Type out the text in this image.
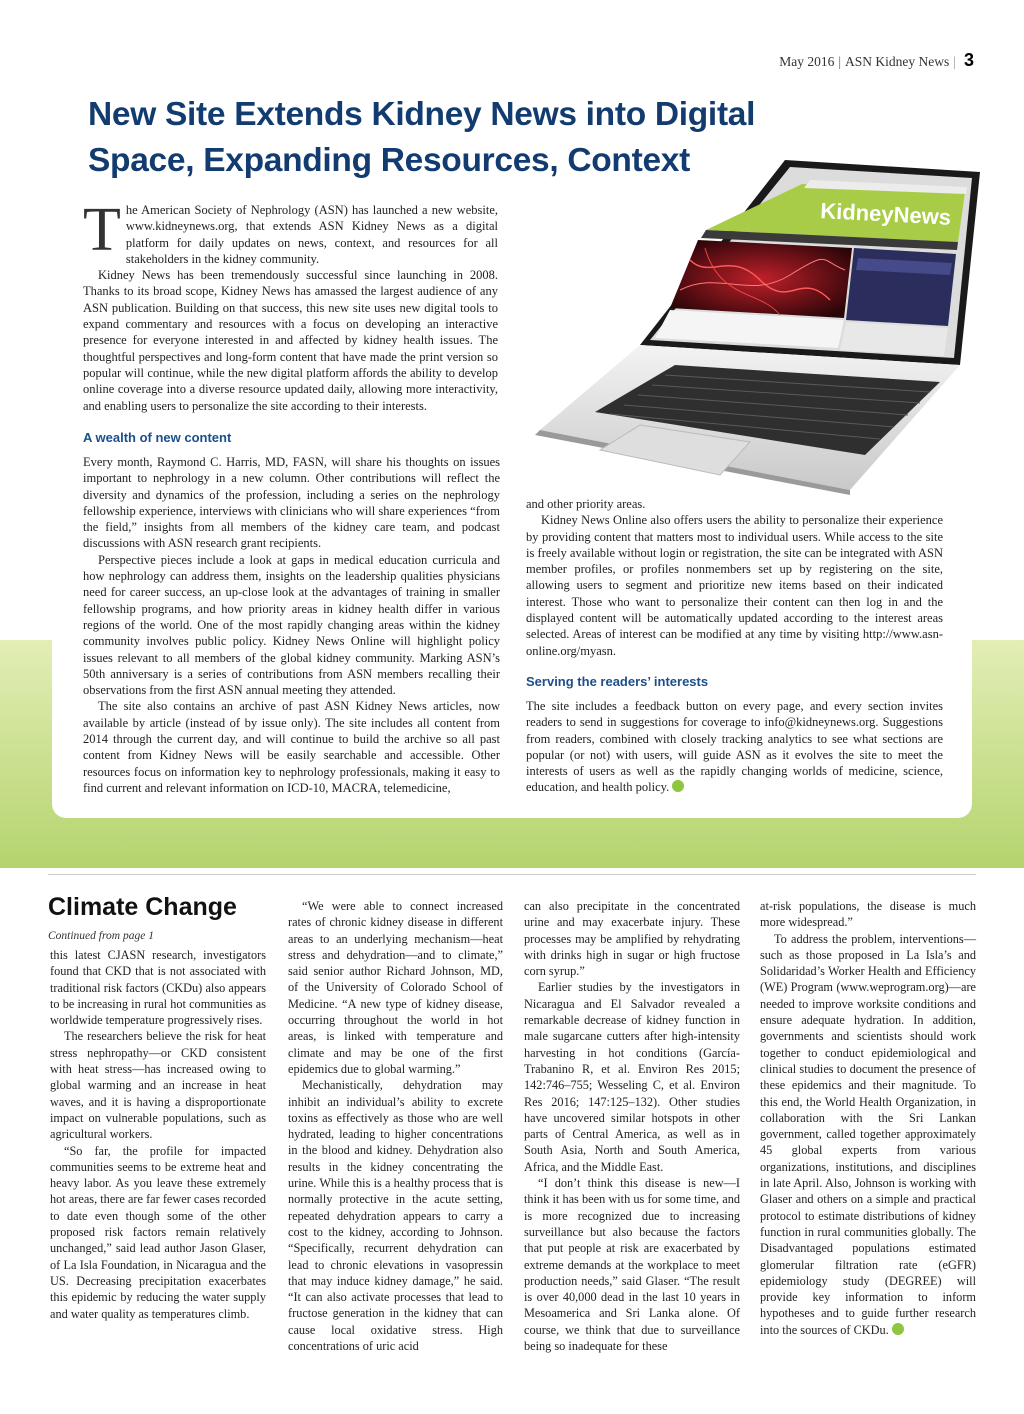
May 2016 | ASN Kidney News | 3
New Site Extends Kidney News into Digital
Space, Expanding Resources, Context

The American Society of Nephrology (ASN) has launched a new website, www.kidneynews.org, that extends ASN Kidney News as a digital platform for daily updates on news, context, and resources for all stakeholders in the kidney community.

Kidney News has been tremendously successful since launching in 2008. Thanks to its broad scope, Kidney News has amassed the largest audience of any ASN publication. Building on that success, this new site uses new digital tools to expand commentary and resources with a focus on developing an interactive presence for everyone interested in and affected by kidney health issues. The thoughtful perspectives and long-form content that have made the print version so popular will continue, while the new digital platform affords the ability to develop online coverage into a diverse resource updated daily, allowing more interactivity, and enabling users to personalize the site according to their interests.

A wealth of new content

Every month, Raymond C. Harris, MD, FASN, will share his thoughts on issues important to nephrology in a new column. Other contributions will reflect the diversity and dynamics of the profession, including a series on the nephrology fellowship experience, interviews with clinicians who will share experiences “from the field,” insights from all members of the kidney care team, and podcast discussions with ASN research grant recipients.

Perspective pieces include a look at gaps in medical education curricula and how nephrology can address them, insights on the leadership qualities physicians need for career success, an up-close look at the advantages of training in smaller fellowship programs, and how priority areas in kidney health differ in various regions of the world. One of the most rapidly changing areas within the kidney community involves public policy. Kidney News Online will highlight policy issues relevant to all members of the global kidney community. Marking ASN’s 50th anniversary is a series of contributions from ASN members recalling their observations from the first ASN annual meeting they attended.

The site also contains an archive of past ASN Kidney News articles, now available by article (instead of by issue only). The site includes all content from 2014 through the current day, and will continue to build the archive so all past content from Kidney News will be easily searchable and accessible. Other resources focus on information key to nephrology professionals, making it easy to find current and relevant information on ICD-10, MACRA, telemedicine,

KidneyNews

and other priority areas.

Kidney News Online also offers users the ability to personalize their experience by providing content that matters most to individual users. While access to the site is freely available without login or registration, the site can be integrated with ASN member profiles, or profiles nonmembers set up by registering on the site, allowing users to segment and prioritize new items based on their indicated interest. Those who want to personalize their content can then log in and the displayed content will be automatically updated according to the interest areas selected. Areas of interest can be modified at any time by visiting http://www.asn-online.org/myasn.

Serving the readers’ interests

The site includes a feedback button on every page, and every section invites readers to send in suggestions for coverage to info@kidneynews.org. Suggestions from readers, combined with closely tracking analytics to see what sections are popular (or not) with users, will guide ASN as it evolves the site to meet the interests of users as well as the rapidly changing worlds of medicine, science, education, and health policy.

Climate Change
Continued from page 1

this latest CJASN research, investigators found that CKD that is not associated with traditional risk factors (CKDu) also appears to be increasing in rural hot communities as worldwide temperature progressively rises.

The researchers believe the risk for heat stress nephropathy—or CKD consistent with heat stress—has increased owing to global warming and an increase in heat waves, and it is having a disproportionate impact on vulnerable populations, such as agricultural workers.

“So far, the profile for impacted communities seems to be extreme heat and heavy labor. As you leave these extremely hot areas, there are far fewer cases recorded to date even though some of the other proposed risk factors remain relatively unchanged,” said lead author Jason Glaser, of La Isla Foundation, in Nicaragua and the US. Decreasing precipitation exacerbates this epidemic by reducing the water supply and water quality as temperatures climb.

“We were able to connect increased rates of chronic kidney disease in different areas to an underlying mechanism—heat stress and dehydration—and to climate,” said senior author Richard Johnson, MD, of the University of Colorado School of Medicine. “A new type of kidney disease, occurring throughout the world in hot areas, is linked with temperature and climate and may be one of the first epidemics due to global warming.”

Mechanistically, dehydration may inhibit an individual’s ability to excrete toxins as effectively as those who are well hydrated, leading to higher concentrations in the blood and kidney. Dehydration also results in the kidney concentrating the urine. While this is a healthy process that is normally protective in the acute setting, repeated dehydration appears to carry a cost to the kidney, according to Johnson. “Specifically, recurrent dehydration can lead to chronic elevations in vasopressin that may induce kidney damage,” he said. “It can also activate processes that lead to fructose generation in the kidney that can cause local oxidative stress. High concentrations of uric acid

can also precipitate in the concentrated urine and may exacerbate injury. These processes may be amplified by rehydrating with drinks high in sugar or high fructose corn syrup.”

Earlier studies by the investigators in Nicaragua and El Salvador revealed a remarkable decrease of kidney function in male sugarcane cutters after high-intensity harvesting in hot conditions (García-Trabanino R, et al. Environ Res 2015; 142:746–755; Wesseling C, et al. Environ Res 2016; 147:125–132). Other studies have uncovered similar hotspots in other parts of Central America, as well as in South Asia, North and South America, Africa, and the Middle East.

“I don’t think this disease is new—I think it has been with us for some time, and is more recognized due to increasing surveillance but also because the factors that put people at risk are exacerbated by extreme demands at the workplace to meet production needs,” said Glaser. “The result is over 40,000 dead in the last 10 years in Mesoamerica and Sri Lanka alone. Of course, we think that due to surveillance being so inadequate for these

at-risk populations, the disease is much more widespread.”

To address the problem, interventions—such as those proposed in La Isla’s and Solidaridad’s Worker Health and Efficiency (WE) Program (www.weprogram.org)—are needed to improve worksite conditions and ensure adequate hydration. In addition, governments and scientists should work together to conduct epidemiological and clinical studies to document the presence of these epidemics and their magnitude. To this end, the World Health Organization, in collaboration with the Sri Lankan government, called together approximately 45 global experts from various organizations, institutions, and disciplines in late April. Also, Johnson is working with Glaser and others on a simple and practical protocol to estimate distributions of kidney function in rural communities globally. The Disadvantaged populations estimated glomerular filtration rate (eGFR) epidemiology study (DEGREE) will provide key information to inform hypotheses and to guide further research into the sources of CKDu.
